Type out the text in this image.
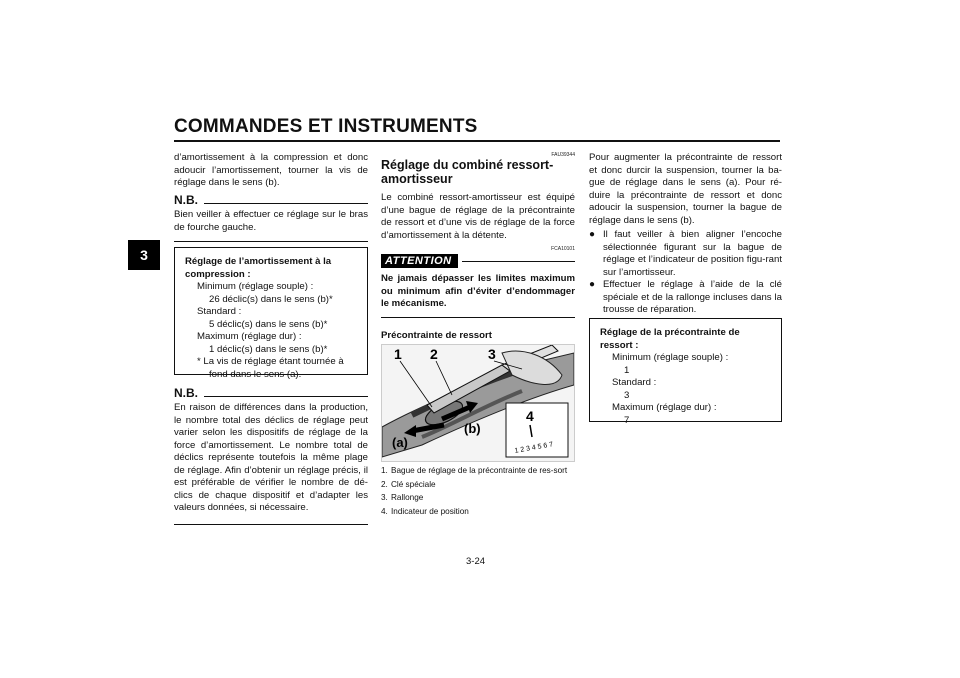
COMMANDES ET INSTRUMENTS
3
d’amortissement à la compression et donc adoucir l’amortissement, tourner la vis de réglage dans le sens (b).
N.B.
Bien veiller à effectuer ce réglage sur le bras de fourche gauche.
Réglage de l’amortissement à la compression :
Minimum (réglage souple) :
26 déclic(s) dans le sens (b)*
Standard :
5 déclic(s) dans le sens (b)*
Maximum (réglage dur) :
1 déclic(s) dans le sens (b)*
* La vis de réglage étant tournée à fond dans le sens (a).
N.B.
En raison de différences dans la production, le nombre total des déclics de réglage peut varier selon les dispositifs de réglage de la force d’amortissement. Le nombre total de déclics représente toutefois la même plage de réglage. Afin d’obtenir un réglage précis, il est préférable de vérifier le nombre de dé-clics de chaque dispositif et d’adapter les valeurs données, si nécessaire.
FAU39344
Réglage du combiné ressort-amortisseur
Le combiné ressort-amortisseur est équipé d’une bague de réglage de la précontrainte de ressort et d’une vis de réglage de la force d’amortissement à la détente.
FCA10101
ATTENTION
Ne jamais dépasser les limites maximum ou minimum afin d’éviter d’endommager le mécanisme.
Précontrainte de ressort
1 2	3
4
(a)
(b)
1 2 3 4 5 6 7
1. Bague de réglage de la précontrainte de res-sort
2. Clé spéciale
3. Rallonge
4. Indicateur de position
Pour augmenter la précontrainte de ressort et donc durcir la suspension, tourner la ba-gue de réglage dans le sens (a). Pour ré-duire la précontrainte de ressort et donc adoucir la suspension, tourner la bague de réglage dans le sens (b).
● Il faut veiller à bien aligner l’encoche sélectionnée figurant sur la bague de réglage et l’indicateur de position figu-rant sur l’amortisseur.
● Effectuer le réglage à l’aide de la clé spéciale et de la rallonge incluses dans la trousse de réparation.
Réglage de la précontrainte de ressort :
Minimum (réglage souple) :
1
Standard :
3
Maximum (réglage dur) :
7
3-24
